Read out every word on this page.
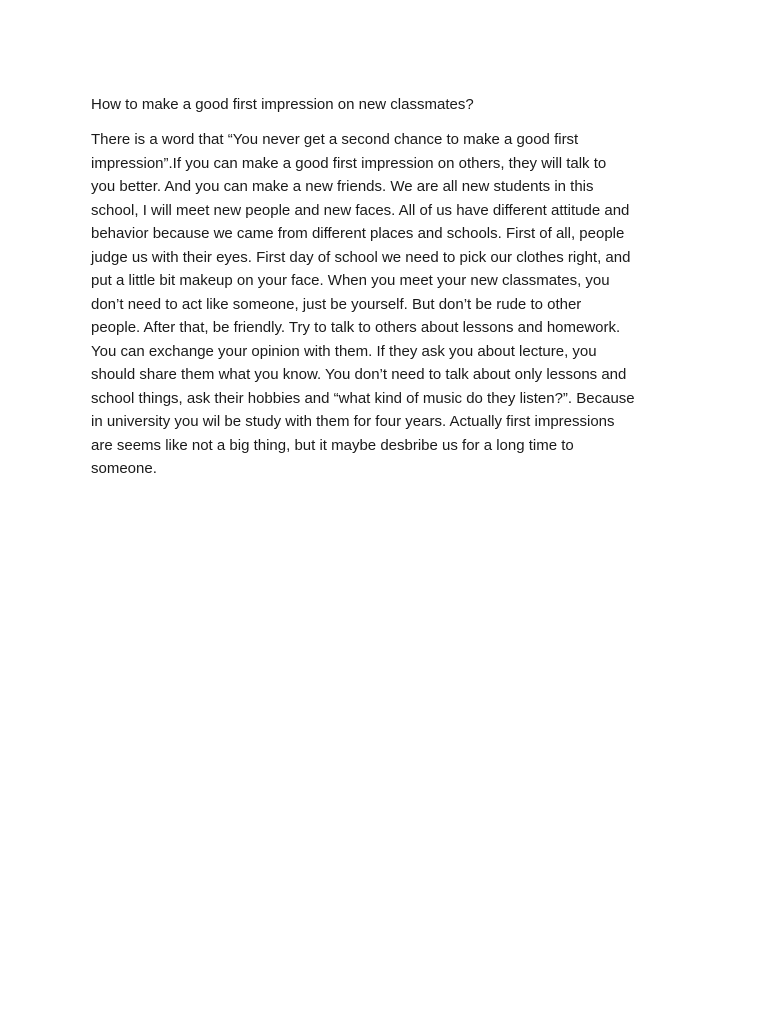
How to make a good first impression on new classmates?
There is a word that “You never get a second chance to make a good first
impression”.If you can make a good first impression on others, they will talk to
you better. And you can make a new friends. We are all new students in this
school, I will meet new people and new faces. All of us have different attitude and
behavior because we came from different places and schools. First of all, people
judge us with their eyes. First day of school we need to pick our clothes right, and
put a little bit makeup on your face. When you meet your new classmates, you
don’t need to act like someone, just be yourself. But don’t be rude to other
people. After that, be friendly. Try to talk to others about lessons and homework.
You can exchange your opinion with them. If they ask you about lecture, you
should share them what you know. You don’t need to talk about only lessons and
school things, ask their hobbies and “what kind of music do they listen?”. Because
in university you wil be study with them for four years. Actually first impressions
are seems like not a big thing, but it maybe desbribe us for a long time to
someone.
